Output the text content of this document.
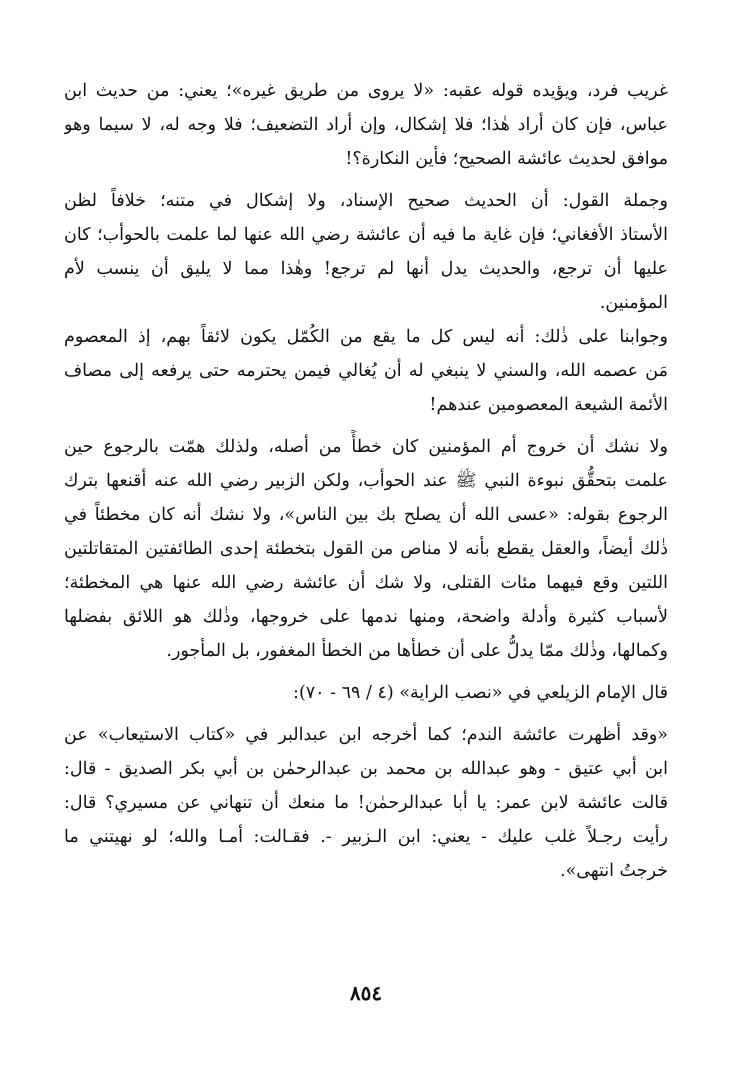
غريب فرد، ويؤيده قوله عقبه: «لا يروى من طريق غيره»؛ يعني: من حديث ابن
عباس، فإن كان أراد هٰذا؛ فلا إشكال، وإن أراد التضعيف؛ فلا وجه له، لا سيما وهو
موافق لحديث عائشة الصحيح؛ فأين النكارة؟!
وجملة القول: أن الحديث صحيح الإسناد، ولا إشكال في متنه؛ خلافاً لظن
الأستاذ الأفغاني؛ فإن غاية ما فيه أن عائشة رضي الله عنها لما علمت بالحوأب؛ كان
عليها أن ترجع، والحديث يدل أنها لم ترجع! وهٰذا مما لا يليق أن ينسب لأم
المؤمنين.
وجوابنا على ذٰلك: أنه ليس كل ما يقع من الكُمّل يكون لائقاً بهم، إذ المعصوم
مَن عصمه الله، والسني لا ينبغي له أن يُغالي فيمن يحترمه حتى يرفعه إلى مصاف
الأئمة الشيعة المعصومين عندهم!
ولا نشك أن خروج أم المؤمنين كان خطأً من أصله، ولذلك همّت بالرجوع حين
علمت بتحقُّق نبوءة النبي ﷺ عند الحوأب، ولكن الزبير رضي الله عنه أقنعها بترك
الرجوع بقوله: «عسى الله أن يصلح بك بين الناس»، ولا نشك أنه كان مخطئاً في
ذٰلك أيضاً، والعقل يقطع بأنه لا مناص من القول بتخطئة إحدى الطائفتين المتقاتلتين
اللتين وقع فيهما مئات القتلى، ولا شك أن عائشة رضي الله عنها هي المخطئة؛
لأسباب كثيرة وأدلة واضحة، ومنها ندمها على خروجها، وذٰلك هو اللائق بفضلها
وكمالها، وذٰلك ممّا يدلُّ على أن خطأها من الخطأ المغفور، بل المأجور.
قال الإمام الزيلعي في «نصب الراية» (٤ / ٦٩ - ٧٠):
«وقد أظهرت عائشة الندم؛ كما أخرجه ابن عبدالبر في «كتاب الاستيعاب» عن
ابن أبي عتيق - وهو عبدالله بن محمد بن عبدالرحمٰن بن أبي بكر الصديق - قال:
قالت عائشة لابن عمر: يا أبا عبدالرحمٰن! ما منعك أن تنهاني عن مسيري؟ قال:
رأيت رجـلاً غلب عليك - يعني: ابن الـزبير -. فقـالت: أمـا والله؛ لو نهيتني ما
خرجتُ انتهى».
٨٥٤
